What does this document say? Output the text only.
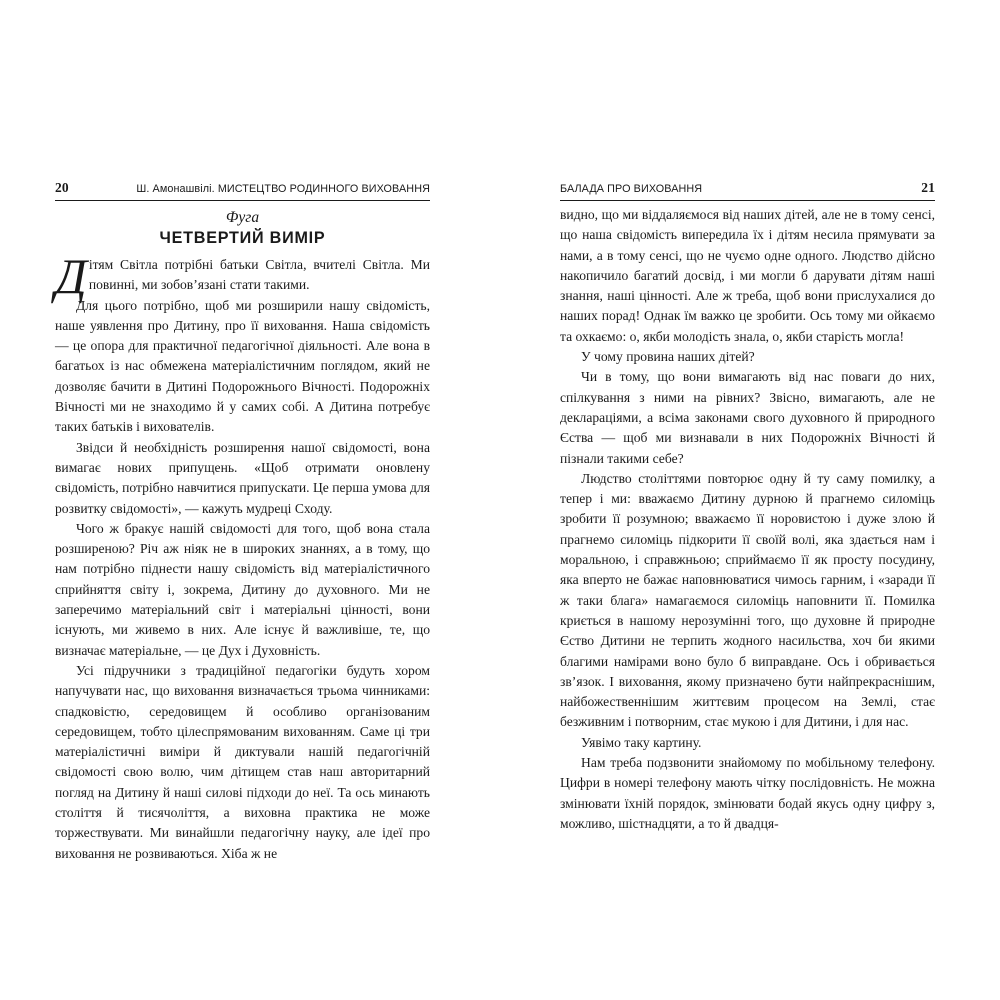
20	Ш. Амонашвілі. МИСТЕЦТВО РОДИННОГО ВИХОВАННЯ
Фуга
ЧЕТВЕРТИЙ ВИМІР

Дітям Світла потрібні батьки Світла, вчителі Світла. Ми повинні, ми зобов’язані стати такими.

Для цього потрібно, щоб ми розширили нашу свідомість, наше уявлення про Дитину, про її виховання. Наша свідомість — це опора для практичної педагогічної діяльності. Але вона в багатьох із нас обмежена матеріалістичним поглядом, який не дозволяє бачити в Дитині Подорожнього Вічності. Подорожніх Вічності ми не знаходимо й у самих собі. А Дитина потребує таких батьків і вихователів.

Звідси й необхідність розширення нашої свідомості, вона вимагає нових припущень. «Щоб отримати оновлену свідомість, потрібно навчитися припускати. Це перша умова для розвитку свідомості», — кажуть мудреці Сходу.

Чого ж бракує нашій свідомості для того, щоб вона стала розширеною? Річ аж ніяк не в широких знаннях, а в тому, що нам потрібно піднести нашу свідомість від матеріалістичного сприйняття світу і, зокрема, Дитину до духовного. Ми не заперечимо матеріальний світ і матеріальні цінності, вони існують, ми живемо в них. Але існує й важливіше, те, що визначає матеріальне, — це Дух і Духовність.

Усі підручники з традиційної педагогіки будуть хором напучувати нас, що виховання визначається трьома чинниками: спадковістю, середовищем й особливо організованим середовищем, тобто цілеспрямованим вихованням. Саме ці три матеріалістичні виміри й диктували нашій педагогічній свідомості свою волю, чим дітищем став наш авторитарний погляд на Дитину й наші силові підходи до неї. Та ось минають століття й тисячоліття, а виховна практика не може торжествувати. Ми винайшли педагогічну науку, але ідеї про виховання не розвиваються. Хіба ж не

БАЛАДА ПРО ВИХОВАННЯ	21

видно, що ми віддаляємося від наших дітей, але не в тому сенсі, що наша свідомість випередила їх і дітям несила прямувати за нами, а в тому сенсі, що не чуємо одне одного. Людство дійсно накопичило багатий досвід, і ми могли б дарувати дітям наші знання, наші цінності. Але ж треба, щоб вони прислухалися до наших порад! Однак їм важко це зробити. Ось тому ми ойкаємо та охкаємо: о, якби молодість знала, о, якби старість могла!

У чому провина наших дітей?

Чи в тому, що вони вимагають від нас поваги до них, спілкування з ними на рівних? Звісно, вимагають, але не деклараціями, а всіма законами свого духовного й природного Єства — щоб ми визнавали в них Подорожніх Вічності й пізнали такими себе?

Людство століттями повторює одну й ту саму помилку, а тепер і ми: вважаємо Дитину дурною й прагнемо силоміць зробити її розумною; вважаємо її норовистою і дуже злою й прагнемо силоміць підкорити її своїй волі, яка здається нам і моральною, і справжньою; сприймаємо її як просту посудину, яка вперто не бажає наповнюватися чимось гарним, і «заради її ж таки блага» намагаємося силоміць наповнити її. Помилка криється в нашому нерозумінні того, що духовне й природне Єство Дитини не терпить жодного насильства, хоч би якими благими намірами воно було б виправдане. Ось і обривається зв’язок. І виховання, якому призначено бути найпрекраснішим, найбожественнішим життєвим процесом на Землі, стає безживним і потворним, стає мукою і для Дитини, і для нас.

Уявімо таку картину.

Нам треба подзвонити знайомому по мобільному телефону. Цифри в номері телефону мають чітку послідовність. Не можна змінювати їхній порядок, змінювати бодай якусь одну цифру з, можливо, шістнадцяти, а то й двадця-
